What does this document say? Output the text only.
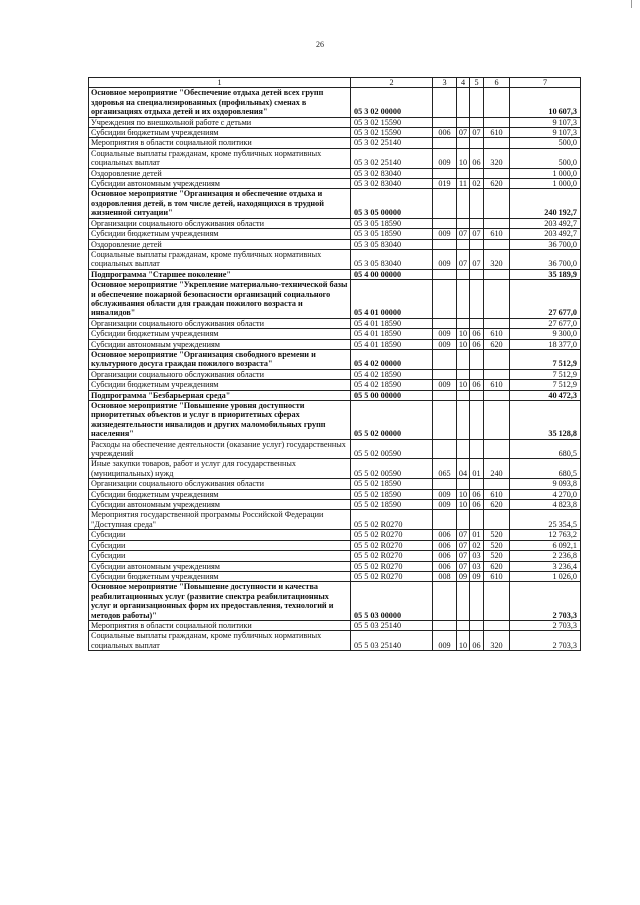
26
1	2	3	4	5	6	7
Основное мероприятие "Обеспечение отдыха детей всех групп здоровья на специализированных (профильных) сменах в организациях отдыха детей и их оздоровления"	05 3 02 00000					10 607,3
Учреждения по внешкольной работе с детьми	05 3 02 15590					9 107,3
Субсидии бюджетным учреждениям	05 3 02 15590	006	07	07	610	9 107,3
Мероприятия в области социальной политики	05 3 02 25140					500,0
Социальные выплаты гражданам, кроме публичных нормативных социальных выплат	05 3 02 25140	009	10	06	320	500,0
Оздоровление детей	05 3 02 83040					1 000,0
Субсидии автономным учреждениям	05 3 02 83040	019	11	02	620	1 000,0
Основное мероприятие "Организация и обеспечение отдыха и оздоровления детей, в том числе детей, находящихся в трудной жизненной ситуации"	05 3 05 00000					240 192,7
Организации социального обслуживания области	05 3 05 18590					203 492,7
Субсидии бюджетным учреждениям	05 3 05 18590	009	07	07	610	203 492,7
Оздоровление детей	05 3 05 83040					36 700,0
Социальные выплаты гражданам, кроме публичных нормативных социальных выплат	05 3 05 83040	009	07	07	320	36 700,0
Подпрограмма "Старшее поколение"	05 4 00 00000					35 189,9
Основное мероприятие "Укрепление материально-технической базы и обеспечение пожарной безопасности организаций социального обслуживания области для граждан пожилого возраста и инвалидов"	05 4 01 00000					27 677,0
Организации социального обслуживания области	05 4 01 18590					27 677,0
Субсидии бюджетным учреждениям	05 4 01 18590	009	10	06	610	9 300,0
Субсидии автономным учреждениям	05 4 01 18590	009	10	06	620	18 377,0
Основное мероприятие "Организация свободного времени и культурного досуга граждан пожилого возраста"	05 4 02 00000					7 512,9
Организации социального обслуживания области	05 4 02 18590					7 512,9
Субсидии бюджетным учреждениям	05 4 02 18590	009	10	06	610	7 512,9
Подпрограмма "Безбарьерная среда"	05 5 00 00000					40 472,3
Основное мероприятие "Повышение уровня доступности приоритетных объектов и услуг в приоритетных сферах жизнедеятельности инвалидов и других маломобильных групп населения"	05 5 02 00000					35 128,8
Расходы на обеспечение деятельности (оказание услуг) государственных учреждений	05 5 02 00590					680,5
Иные закупки товаров, работ и услуг для государственных (муниципальных) нужд	05 5 02 00590	065	04	01	240	680,5
Организации социального обслуживания области	05 5 02 18590					9 093,8
Субсидии бюджетным учреждениям	05 5 02 18590	009	10	06	610	4 270,0
Субсидии автономным учреждениям	05 5 02 18590	009	10	06	620	4 823,8
Мероприятия государственной программы Российской Федерации "Доступная среда"	05 5 02 R0270					25 354,5
Субсидии	05 5 02 R0270	006	07	01	520	12 763,2
Субсидии	05 5 02 R0270	006	07	02	520	6 092,1
Субсидии	05 5 02 R0270	006	07	03	520	2 236,8
Субсидии автономным учреждениям	05 5 02 R0270	006	07	03	620	3 236,4
Субсидии бюджетным учреждениям	05 5 02 R0270	008	09	09	610	1 026,0
Основное мероприятие "Повышение доступности и качества реабилитационных услуг (развитие спектра реабилитационных услуг и организационных форм их предоставления, технологий и методов работы)"	05 5 03 00000					2 703,3
Мероприятия в области социальной политики	05 5 03 25140					2 703,3
Социальные выплаты гражданам, кроме публичных нормативных социальных выплат	05 5 03 25140	009	10	06	320	2 703,3
